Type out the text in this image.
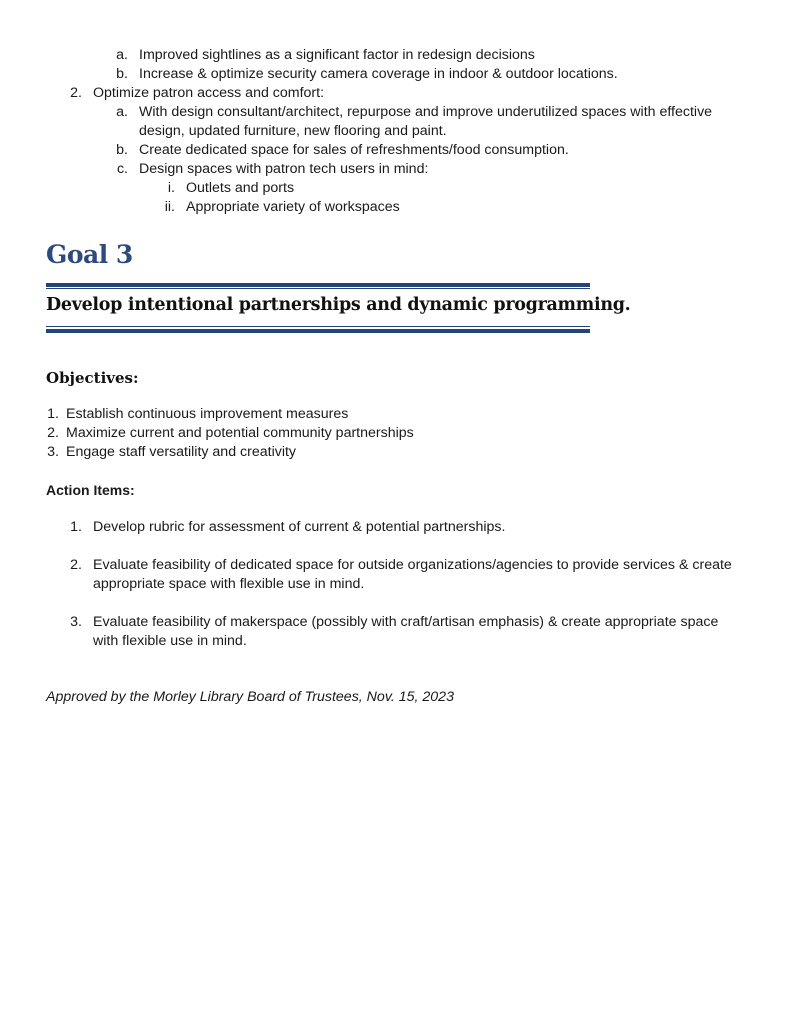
a. Improved sightlines as a significant factor in redesign decisions
b. Increase & optimize security camera coverage in indoor & outdoor locations.
2. Optimize patron access and comfort:
a. With design consultant/architect, repurpose and improve underutilized spaces with effective
design, updated furniture, new flooring and paint.
b. Create dedicated space for sales of refreshments/food consumption.
c. Design spaces with patron tech users in mind:
i. Outlets and ports
ii. Appropriate variety of workspaces
Goal 3
Develop intentional partnerships and dynamic programming.
Objectives:
1. Establish continuous improvement measures
2. Maximize current and potential community partnerships
3. Engage staff versatility and creativity
Action Items:
1. Develop rubric for assessment of current & potential partnerships.
2. Evaluate feasibility of dedicated space for outside organizations/agencies to provide services & create
appropriate space with flexible use in mind.
3. Evaluate feasibility of makerspace (possibly with craft/artisan emphasis) & create appropriate space
with flexible use in mind.
Approved by the Morley Library Board of Trustees, Nov. 15, 2023
